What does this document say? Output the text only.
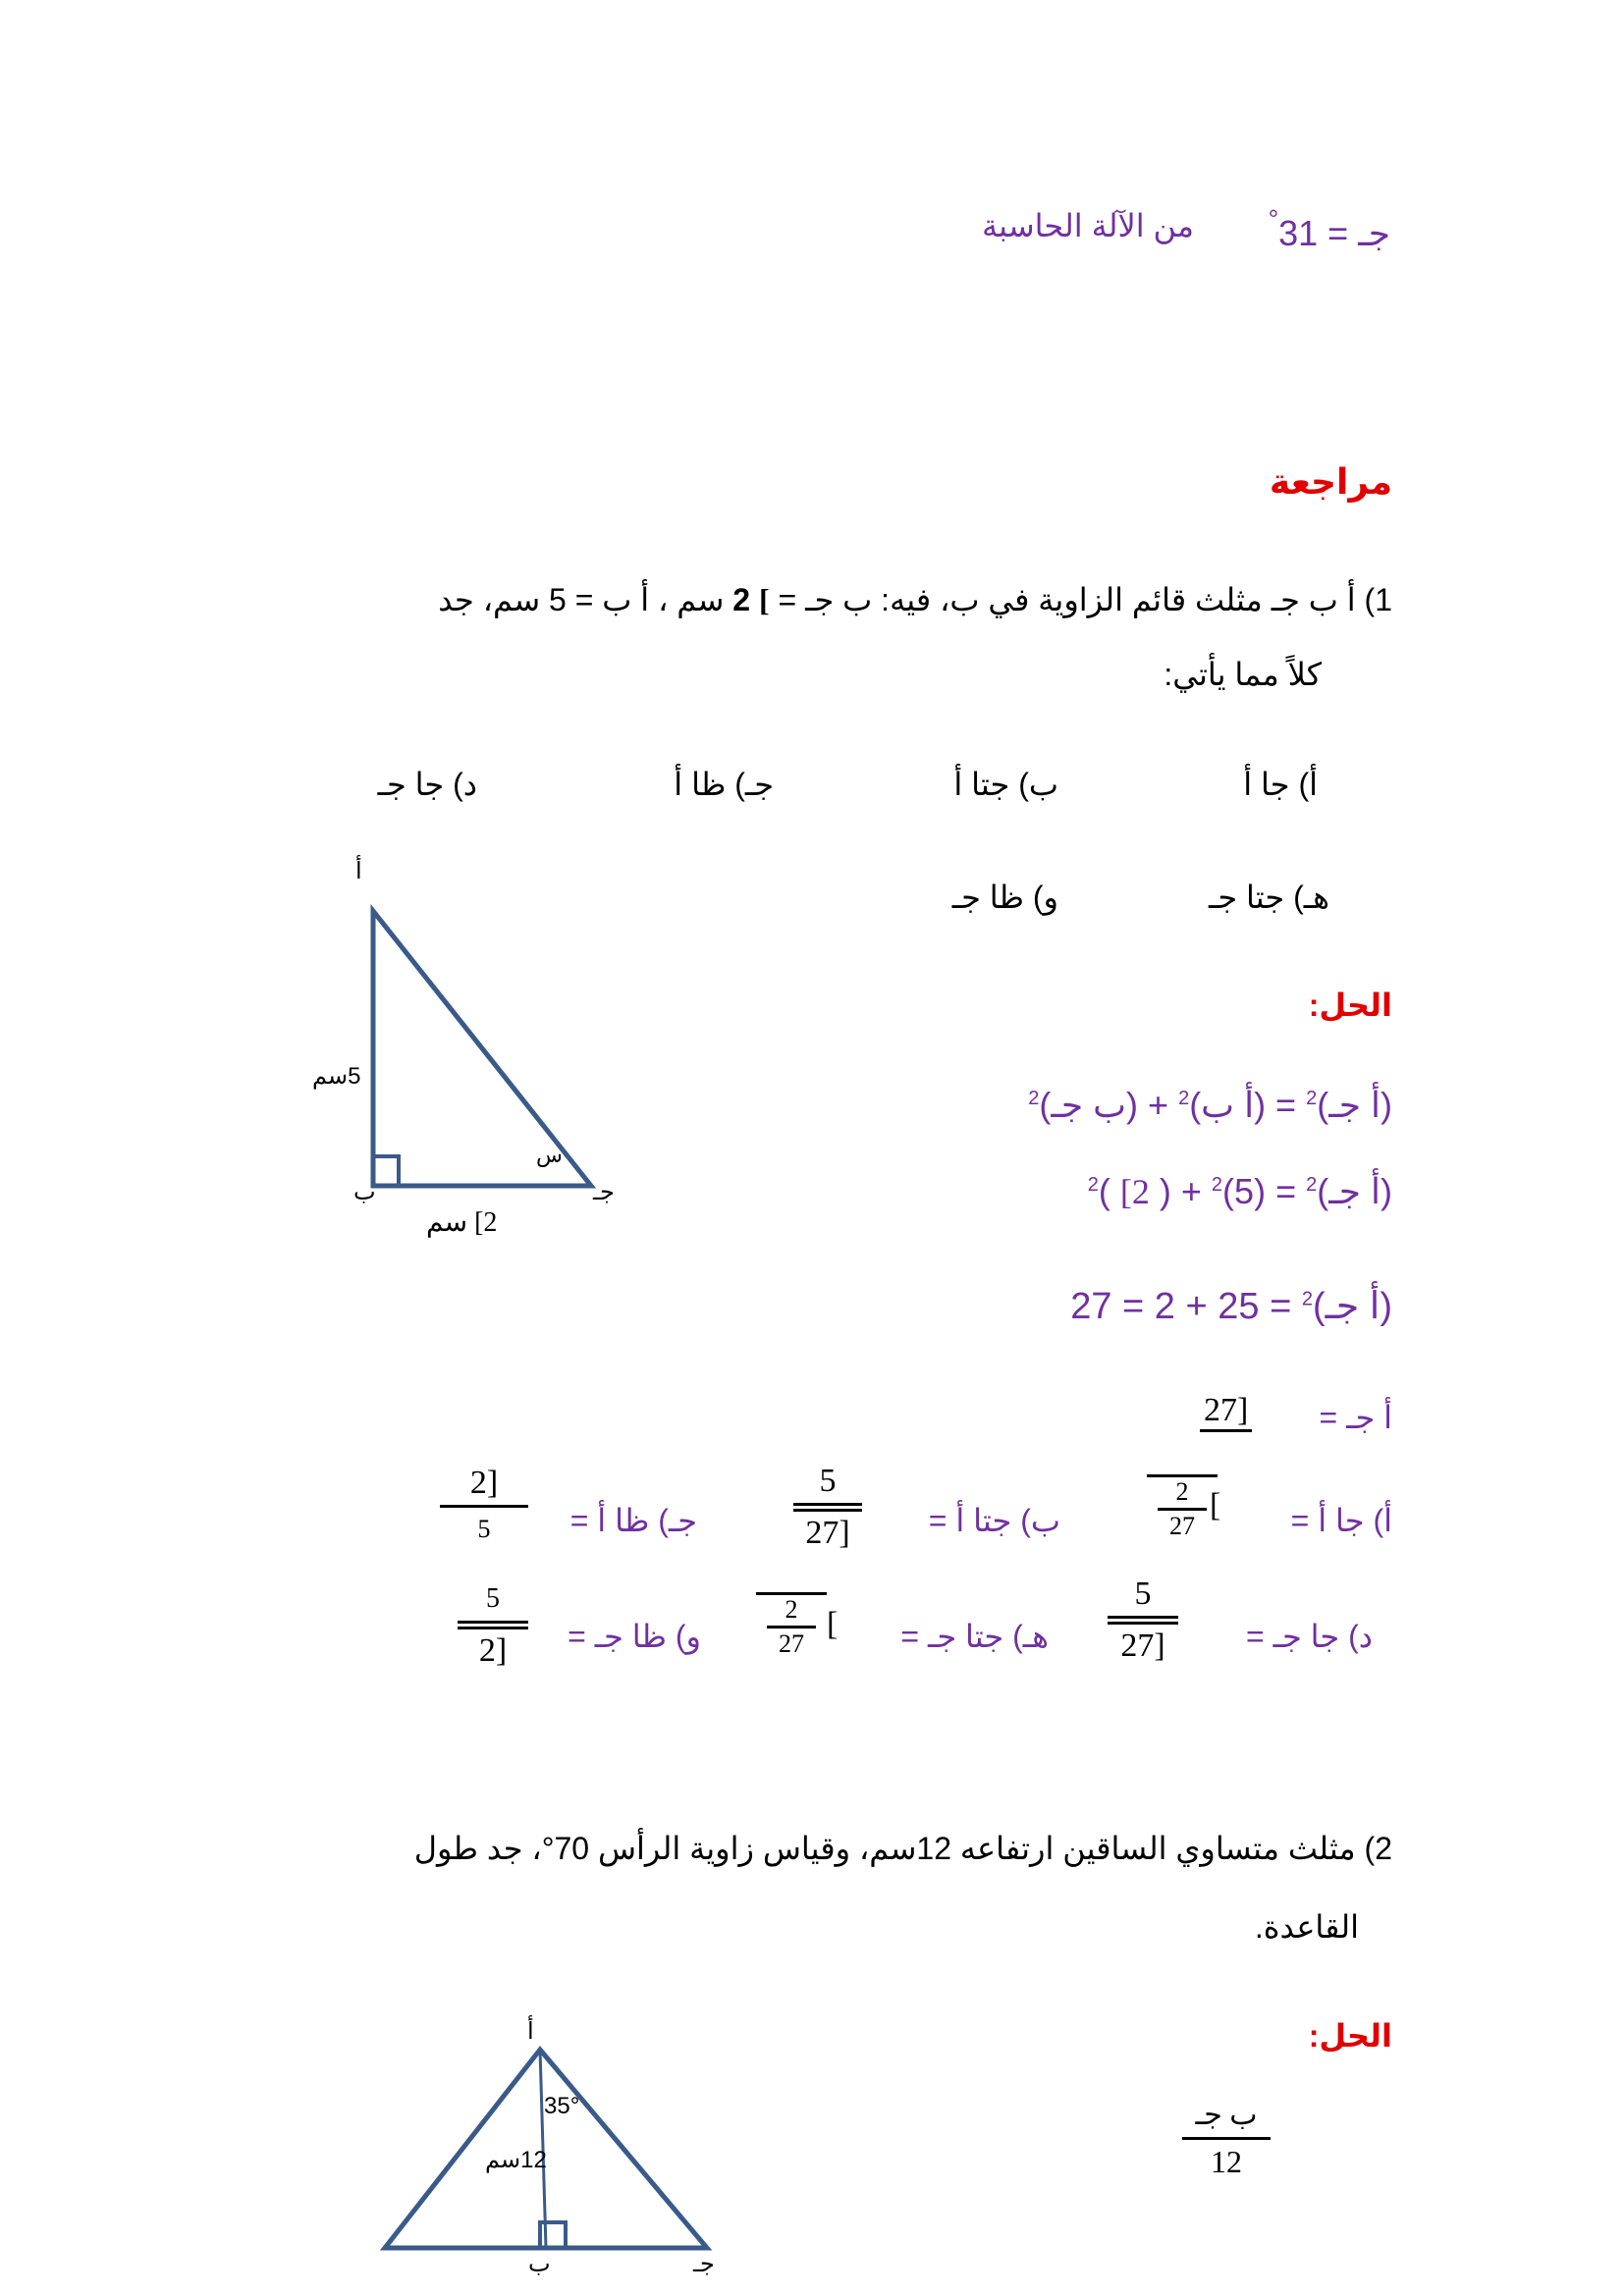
جـ = 31°
من الآلة الحاسبة
مراجعة
1) أ ب جـ مثلث قائم الزاوية في ب، فيه: ب جـ = ] 2 سم ، أ ب = 5 سم، جد
كلاً مما يأتي:
أ) جا أ
ب) جتا أ
جـ) ظا أ
د) جا جـ
هـ) جتا جـ
و) ظا جـ
الحل:
(أ جـ)$^2$ = (أ ب)$^2$ + (ب جـ)$^2$
(أ جـ)$^2$ = $(5)^2$ + ( 2] )$^2$
(أ جـ)$^2$ = 25 + 2 = 27
أ جـ =
27]
أ) جا أ =
2
27
]
ب) جتا أ =
5
27]
جـ) ظا أ =
2]
5
د) جا جـ =
5
27]
هـ) جتا جـ =
2
27
]
و) ظا جـ =
5
2]
أ
ب	جـ
5سم
2] سم
س
2) مثلث متساوي الساقين ارتفاعه 12سم، وقياس زاوية الرأس 70°، جد طول
القاعدة.
الحل:
ب جـ
12
أ
ب	جـ
12سم
35°
